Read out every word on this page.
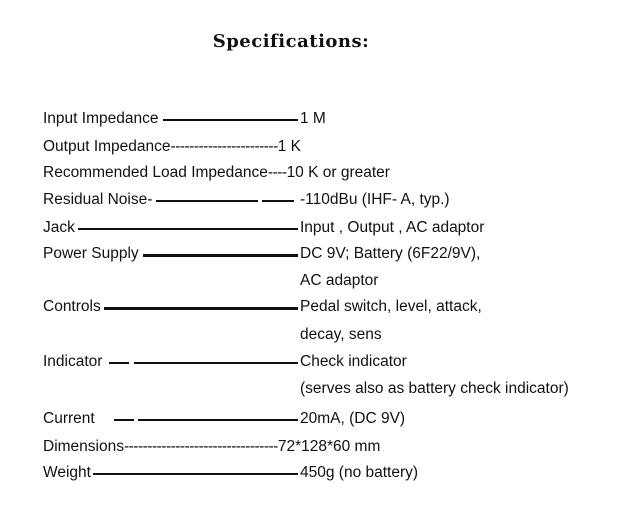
Specifications:
Input Impedance	1 M
Output Impedance-----------------------1 K
Recommended Load Impedance----10 K or greater
Residual Noise-	-110dBu (IHF- A, typ.)
Jack	Input , Output , AC adaptor
Power Supply	DC 9V; Battery (6F22/9V),
AC adaptor
Controls	Pedal switch, level, attack,
decay, sens
Indicator	Check indicator
(serves also as battery check indicator)
Current	20mA, (DC 9V)
Dimensions---------------------------------72*128*60 mm
Weight	450g (no battery)
